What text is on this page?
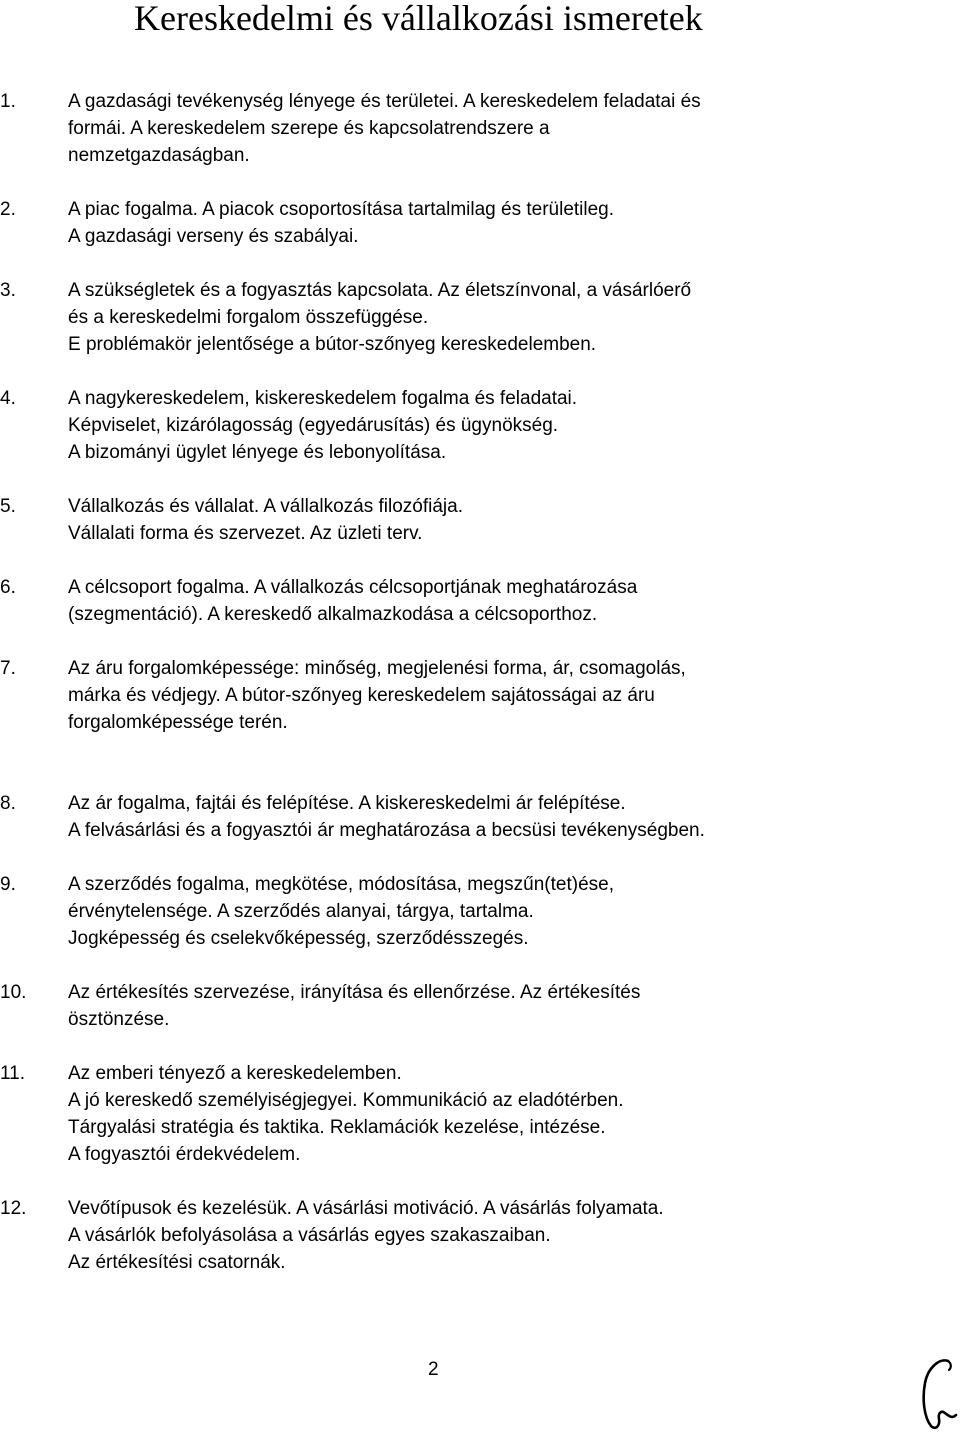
Kereskedelmi és vállalkozási ismeretek
1.	A gazdasági tevékenység lényege és területei. A kereskedelem feladatai és
formái. A kereskedelem szerepe és kapcsolatrendszere a
nemzetgazdaságban.
2.	A piac fogalma. A piacok csoportosítása tartalmilag és területileg.
A gazdasági verseny és szabályai.
3.	A szükségletek és a fogyasztás kapcsolata. Az életszínvonal, a vásárlóerő
és a kereskedelmi forgalom összefüggése.
E problémakör jelentősége a bútor-szőnyeg kereskedelemben.
4.	A nagykereskedelem, kiskereskedelem fogalma és feladatai.
Képviselet, kizárólagosság (egyedárusítás) és ügynökség.
A bizományi ügylet lényege és lebonyolítása.
5.	Vállalkozás és vállalat. A vállalkozás filozófiája.
Vállalati forma és szervezet. Az üzleti terv.
6.	A célcsoport fogalma. A vállalkozás célcsoportjának meghatározása
(szegmentáció). A kereskedő alkalmazkodása a célcsoporthoz.
7.	Az áru forgalomképessége: minőség, megjelenési forma, ár, csomagolás,
márka és védjegy. A bútor-szőnyeg kereskedelem sajátosságai az áru
forgalomképessége terén.
8.	Az ár fogalma, fajtái és felépítése. A kiskereskedelmi ár felépítése.
A felvásárlási és a fogyasztói ár meghatározása a becsüsi tevékenységben.
9.	A szerződés fogalma, megkötése, módosítása, megszűn(tet)ése,
érvénytelensége. A szerződés alanyai, tárgya, tartalma.
Jogképesség és cselekvőképesség, szerződésszegés.
10. Az értékesítés szervezése, irányítása és ellenőrzése. Az értékesítés
ösztönzése.
11. Az emberi tényező a kereskedelemben.
A jó kereskedő személyiségjegyei. Kommunikáció az eladótérben.
Tárgyalási stratégia és taktika. Reklamációk kezelése, intézése.
A fogyasztói érdekvédelem.
12. Vevőtípusok és kezelésük. A vásárlási motiváció. A vásárlás folyamata.
A vásárlók befolyásolása a vásárlás egyes szakaszaiban.
Az értékesítési csatornák.
2
